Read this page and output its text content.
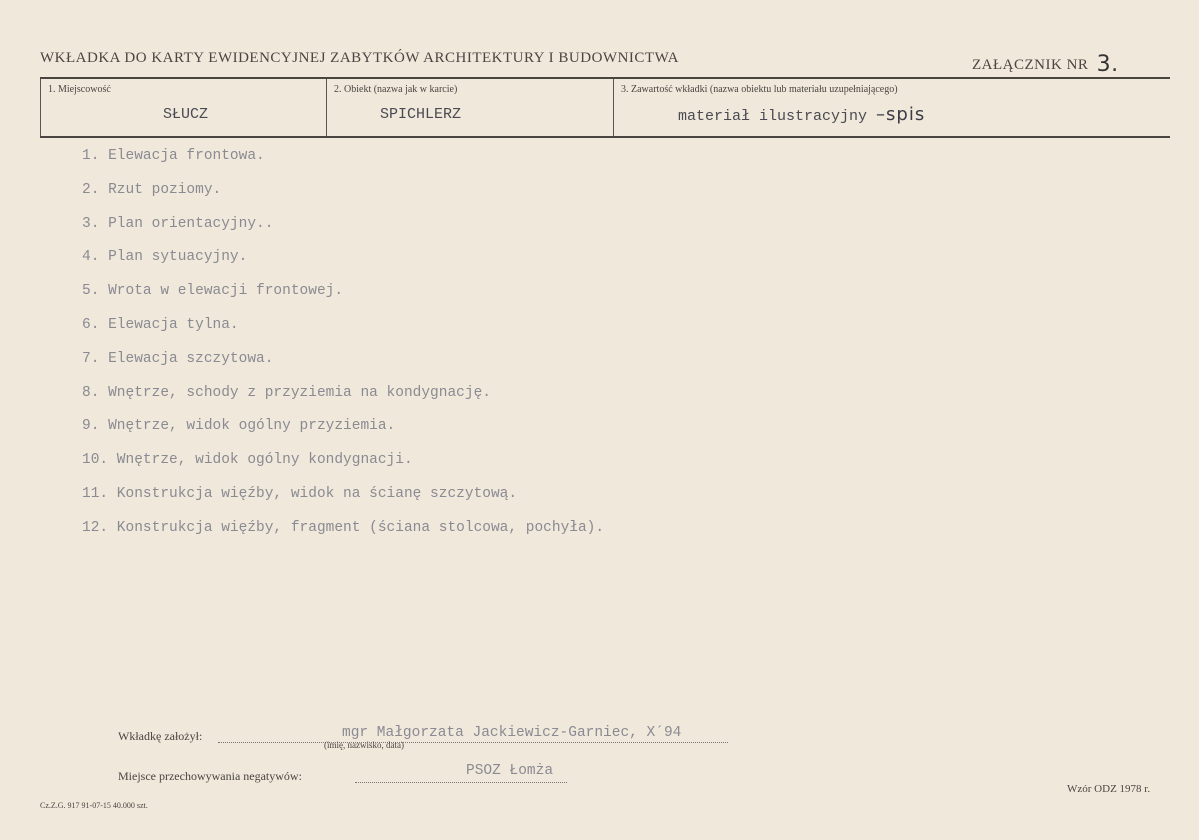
WKŁADKA DO KARTY EWIDENCYJNEJ ZABYTKÓW ARCHITEKTURY I BUDOWNICTWA	ZAŁĄCZNIK NR 3.
1. Miejscowość
SŁUCZ
2. Obiekt (nazwa jak w karcie)
SPICHLERZ
3. Zawartość wkładki (nazwa obiektu lub materiału uzupełniającego)
materiał ilustracyjny –spis
1. Elewacja frontowa.
2. Rzut poziomy.
3. Plan orientacyjny..
4. Plan sytuacyjny.
5. Wrota w elewacji frontowej.
6. Elewacja tylna.
7. Elewacja szczytowa.
8. Wnętrze, schody z przyziemia na kondygnację.
9. Wnętrze, widok ogólny przyziemia.
10. Wnętrze, widok ogólny kondygnacji.
11. Konstrukcja więźby, widok na ścianę szczytową.
12. Konstrukcja więźby, fragment (ściana stolcowa, pochyła).
Wkładkę założył:	mgr Małgorzata Jackiewicz-Garniec, X´94
(imię, nazwisko, data)
Miejsce przechowywania negatywów:	PSOZ Łomża
Cz.Z.G. 917 91-07-15 40.000 szt.
Wzór ODZ 1978 r.
